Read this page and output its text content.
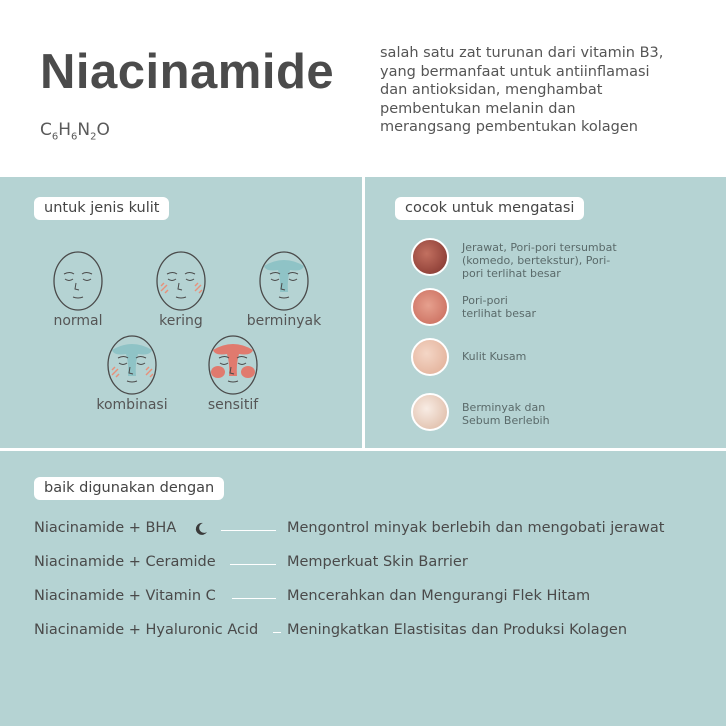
Niacinamide
$C_6H_6N_2O$
salah satu zat turunan dari vitamin B3,
yang bermanfaat untuk antiinflamasi
dan antioksidan, menghambat
pembentukan melanin dan
merangsang pembentukan kolagen
untuk jenis kulit
normal	kering	berminyak
kombinasi	sensitif
cocok untuk mengatasi
Jerawat, Pori-pori tersumbat
(komedo, bertekstur), Pori-
pori terlihat besar
Pori-pori
terlihat besar
Kulit Kusam
Berminyak dan
Sebum Berlebih
baik digunakan dengan
Niacinamide + BHA	Mengontrol minyak berlebih dan mengobati jerawat
Niacinamide + Ceramide	Memperkuat Skin Barrier
Niacinamide + Vitamin C	Mencerahkan dan Mengurangi Flek Hitam
Niacinamide + Hyaluronic Acid Meningkatkan Elastisitas dan Produksi Kolagen
